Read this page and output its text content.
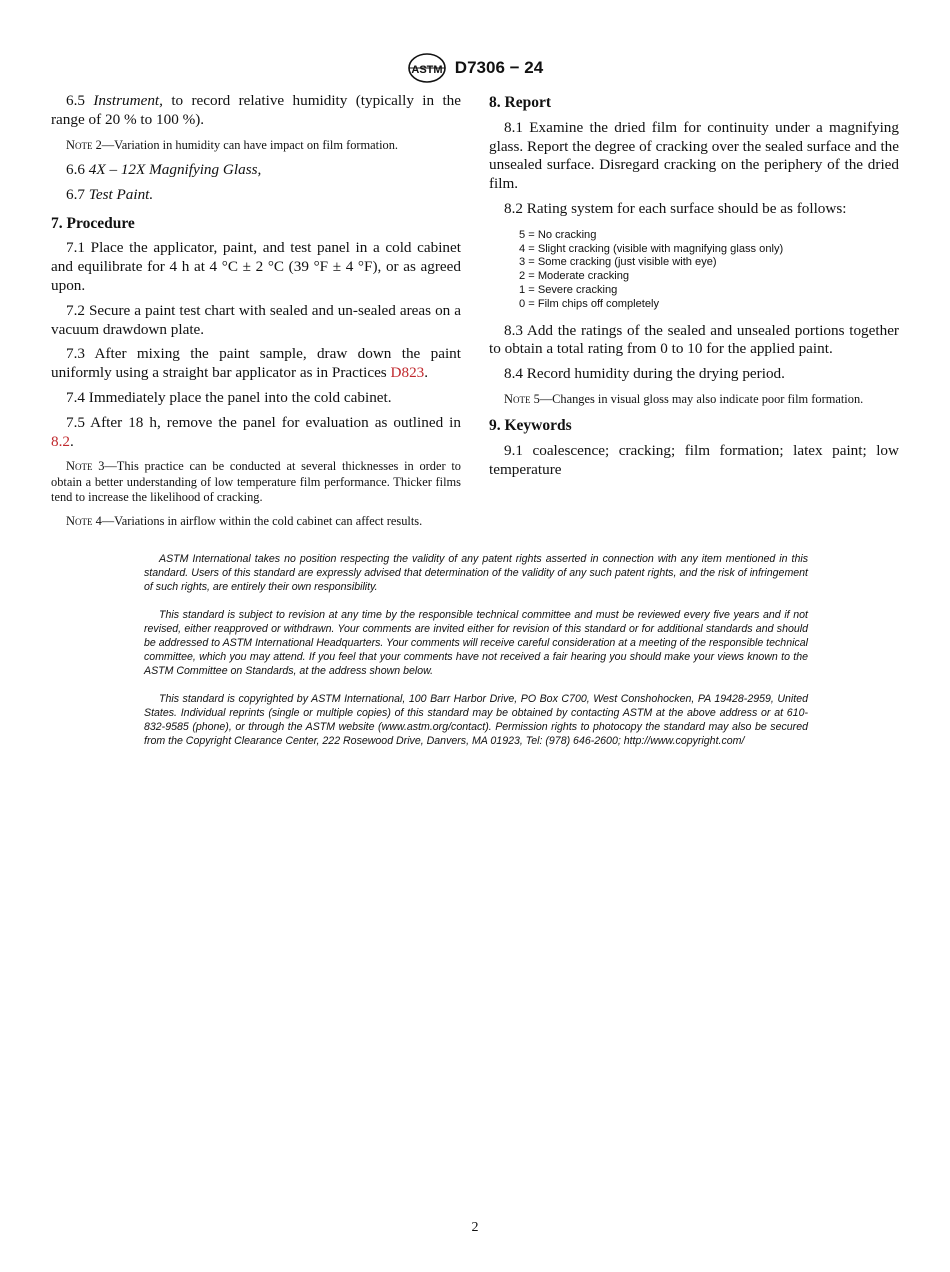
ASTM D7306 − 24

6.5 Instrument, to record relative humidity (typically in the range of 20 % to 100 %).

Note 2—Variation in humidity can have impact on film formation.

6.6 4X – 12X Magnifying Glass,

6.7 Test Paint.

7. Procedure

7.1 Place the applicator, paint, and test panel in a cold cabinet and equilibrate for 4 h at 4 °C ± 2 °C (39 °F ± 4 °F), or as agreed upon.

7.2 Secure a paint test chart with sealed and un-sealed areas on a vacuum drawdown plate.

7.3 After mixing the paint sample, draw down the paint uniformly using a straight bar applicator as in Practices D823.

7.4 Immediately place the panel into the cold cabinet.

7.5 After 18 h, remove the panel for evaluation as outlined in 8.2.

Note 3—This practice can be conducted at several thicknesses in order to obtain a better understanding of low temperature film performance. Thicker films tend to increase the likelihood of cracking.
Note 4—Variations in airflow within the cold cabinet can affect results.
8. Report

8.1 Examine the dried film for continuity under a magnifying glass. Report the degree of cracking over the sealed surface and the unsealed surface. Disregard cracking on the periphery of the dried film.

8.2 Rating system for each surface should be as follows:

5 = No cracking
4 = Slight cracking (visible with magnifying glass only)
3 = Some cracking (just visible with eye)
2 = Moderate cracking
1 = Severe cracking
0 = Film chips off completely

8.3 Add the ratings of the sealed and unsealed portions together to obtain a total rating from 0 to 10 for the applied paint.

8.4 Record humidity during the drying period.

Note 5—Changes in visual gloss may also indicate poor film formation.
9. Keywords

9.1 coalescence; cracking; film formation; latex paint; low temperature

ASTM International takes no position respecting the validity of any patent rights asserted in connection with any item mentioned in this standard. Users of this standard are expressly advised that determination of the validity of any such patent rights, and the risk of infringement of such rights, are entirely their own responsibility.

This standard is subject to revision at any time by the responsible technical committee and must be reviewed every five years and if not revised, either reapproved or withdrawn. Your comments are invited either for revision of this standard or for additional standards and should be addressed to ASTM International Headquarters. Your comments will receive careful consideration at a meeting of the responsible technical committee, which you may attend. If you feel that your comments have not received a fair hearing you should make your views known to the ASTM Committee on Standards, at the address shown below.

This standard is copyrighted by ASTM International, 100 Barr Harbor Drive, PO Box C700, West Conshohocken, PA 19428-2959, United States. Individual reprints (single or multiple copies) of this standard may be obtained by contacting ASTM at the above address or at 610-832-9585 (phone), or through the ASTM website (www.astm.org/contact). Permission rights to photocopy the standard may also be secured from the Copyright Clearance Center, 222 Rosewood Drive, Danvers, MA 01923, Tel: (978) 646-2600; http://www.copyright.com/

2
